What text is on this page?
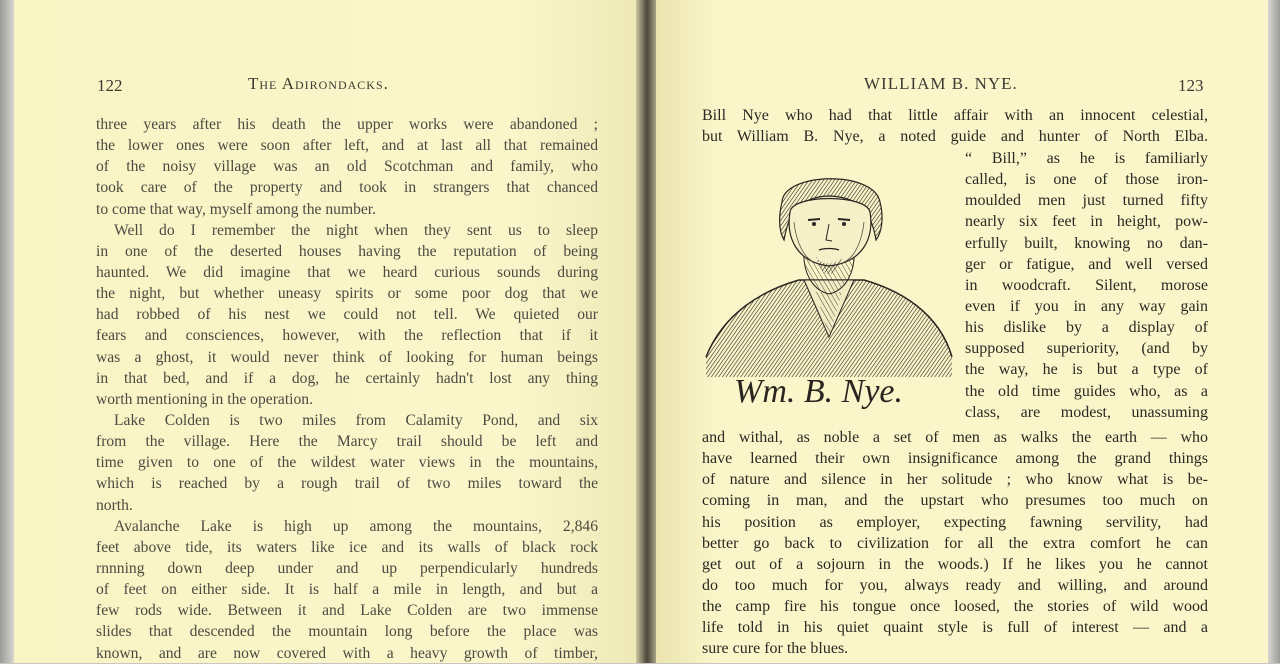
122	The Adirondacks.
three years after his death the upper works were abandoned ;
the lower ones were soon after left, and at last all that remained
of the noisy village was an old Scotchman and family, who
took care of the property and took in strangers that chanced
to come that way, myself among the number.
Well do I remember the night when they sent us to sleep
in one of the deserted houses having the reputation of being
haunted. We did imagine that we heard curious sounds during
the night, but whether uneasy spirits or some poor dog that we
had robbed of his nest we could not tell. We quieted our
fears and consciences, however, with the reflection that if it
was a ghost, it would never think of looking for human beings
in that bed, and if a dog, he certainly hadn't lost any thing
worth mentioning in the operation.
Lake Colden is two miles from Calamity Pond, and six
from the village. Here the Marcy trail should be left and
time given to one of the wildest water views in the mountains,
which is reached by a rough trail of two miles toward the
north.
Avalanche Lake is high up among the mountains, 2,846
feet above tide, its waters like ice and its walls of black rock
rnnning down deep under and up perpendicularly hundreds
of feet on either side. It is half a mile in length, and but a
few rods wide. Between it and Lake Colden are two immense
slides that descended the mountain long before the place was
known, and are now covered with a heavy growth of timber,
WILLIAM B. NYE.	123
Bill Nye who had that little affair with an innocent celestial,
but William B. Nye, a noted guide and hunter of North Elba.
“ Bill,” as he is familiarly
called, is one of those iron-
moulded men just turned fifty
nearly six feet in height, pow-
erfully built, knowing no dan-
ger or fatigue, and well versed
in woodcraft. Silent, morose
even if you in any way gain
his dislike by a display of
supposed superiority, (and by
the way, he is but a type of
the old time guides who, as a
class, are modest, unassuming
and withal, as noble a set of men as walks the earth — who
have learned their own insignificance among the grand things
of nature and silence in her solitude ; who know what is be-
coming in man, and the upstart who presumes too much on
his position as employer, expecting fawning servility, had
better go back to civilization for all the extra comfort he can
get out of a sojourn in the woods.) If he likes you he cannot
do too much for you, always ready and willing, and around
the camp fire his tongue once loosed, the stories of wild wood
life told in his quiet quaint style is full of interest — and a
sure cure for the blues.
Wm. B. Nye.
